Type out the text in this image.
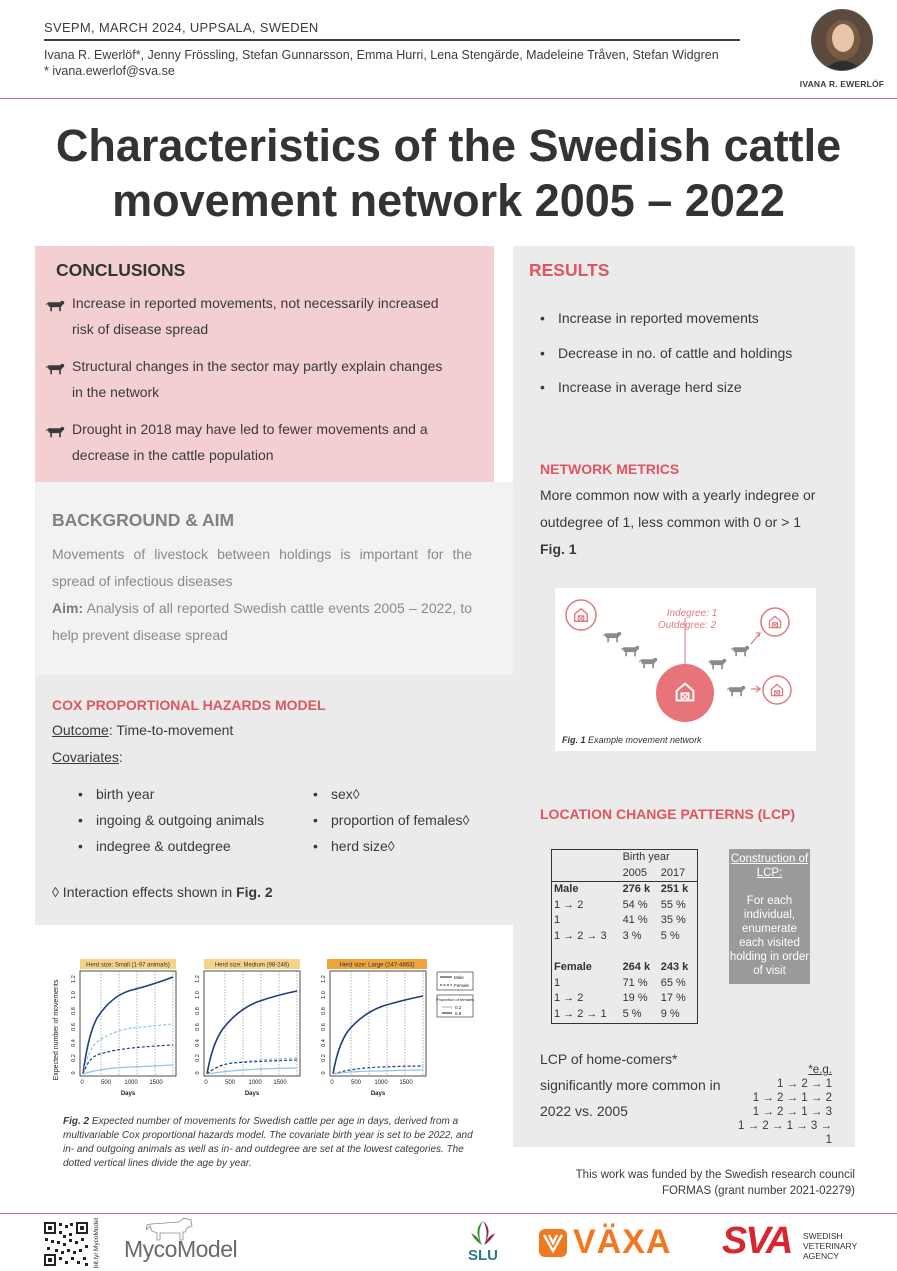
SVEPM, MARCH 2024, UPPSALA, SWEDEN
Ivana R. Ewerlöf*, Jenny Frössling, Stefan Gunnarsson, Emma Hurri, Lena Stengärde, Madeleine Tråven, Stefan Widgren
* ivana.ewerlof@sva.se
IVANA R. EWERLÖF
Characteristics of the Swedish cattle
movement network 2005 – 2022
CONCLUSIONS
Increase in reported movements, not necessarily increased
risk of disease spread
Structural changes in the sector may partly explain changes
in the network
Drought in 2018 may have led to fewer movements and a
decrease in the cattle population
BACKGROUND & AIM
Movements of livestock between holdings is important for the spread of infectious diseases
Aim: Analysis of all reported Swedish cattle events 2005 – 2022, to help prevent disease spread
COX PROPORTIONAL HAZARDS MODEL
Outcome: Time-to-movement
Covariates:
• birth year
• ingoing & outgoing animals
• indegree & outdegree
• sex◊
• proportion of females◊
• herd size◊
◊ Interaction effects shown in Fig. 2
Expected number of movements
Herd size: Small (1-97 animals)
0	500 1000 1500
Days
0
0.2
0.4
0.6
0.8
1.0
1.2
Herd size: Medium (98-246)
0	500 1000 1500
Days
0
0.2
0.4
0.6
0.8
1.0
1.2
Herd size: Large (247-4863)
0	500 1000 1500
Days
0
0.2
0.4
0.6
0.8
1.0
1.2	Male
Female
Proportion of females
0.2
0.9
Fig. 2 Expected number of movements for Swedish cattle per age in days, derived from a multivariable Cox proportional hazards model. The covariate birth year is set to be 2022, and in- and outgoing animals as well as in- and outdegree are set at the lowest categories. The dotted vertical lines divide the age by year.
RESULTS
• Increase in reported movements
• Decrease in no. of cattle and holdings
• Increase in average herd size
NETWORK METRICS
More common now with a yearly indegree or outdegree of 1, less common with 0 or > 1
Fig. 1
Indegree: 1
Outdegree: 2
Fig. 1 Example movement network
LOCATION CHANGE PATTERNS (LCP)
	Birth year	
	2005	2017
Male	276 k	251 k
1 → 2	54 %	55 %
1	41 %	35 %
1 → 2 → 3	3 %	5 %

Female	264 k	243 k
1	71 %	65 %
1 → 2	19 %	17 %
1 → 2 → 1	5 %	9 %
Construction of LCP:
For each individual, enumerate each visited holding in order of visit
LCP of home-comers* significantly more common in 2022 vs. 2005
*e.g.
1 → 2 → 1
1 → 2 → 1 → 2
1 → 2 → 1 → 3
1 → 2 → 1 → 3 → 1
This work was funded by the Swedish research council FORMAS (grant number 2021-02279)
bit.ly/ MycoModel MycoModel	SLU VÄXA SVA SWEDISH
VETERINARY
AGENCY
